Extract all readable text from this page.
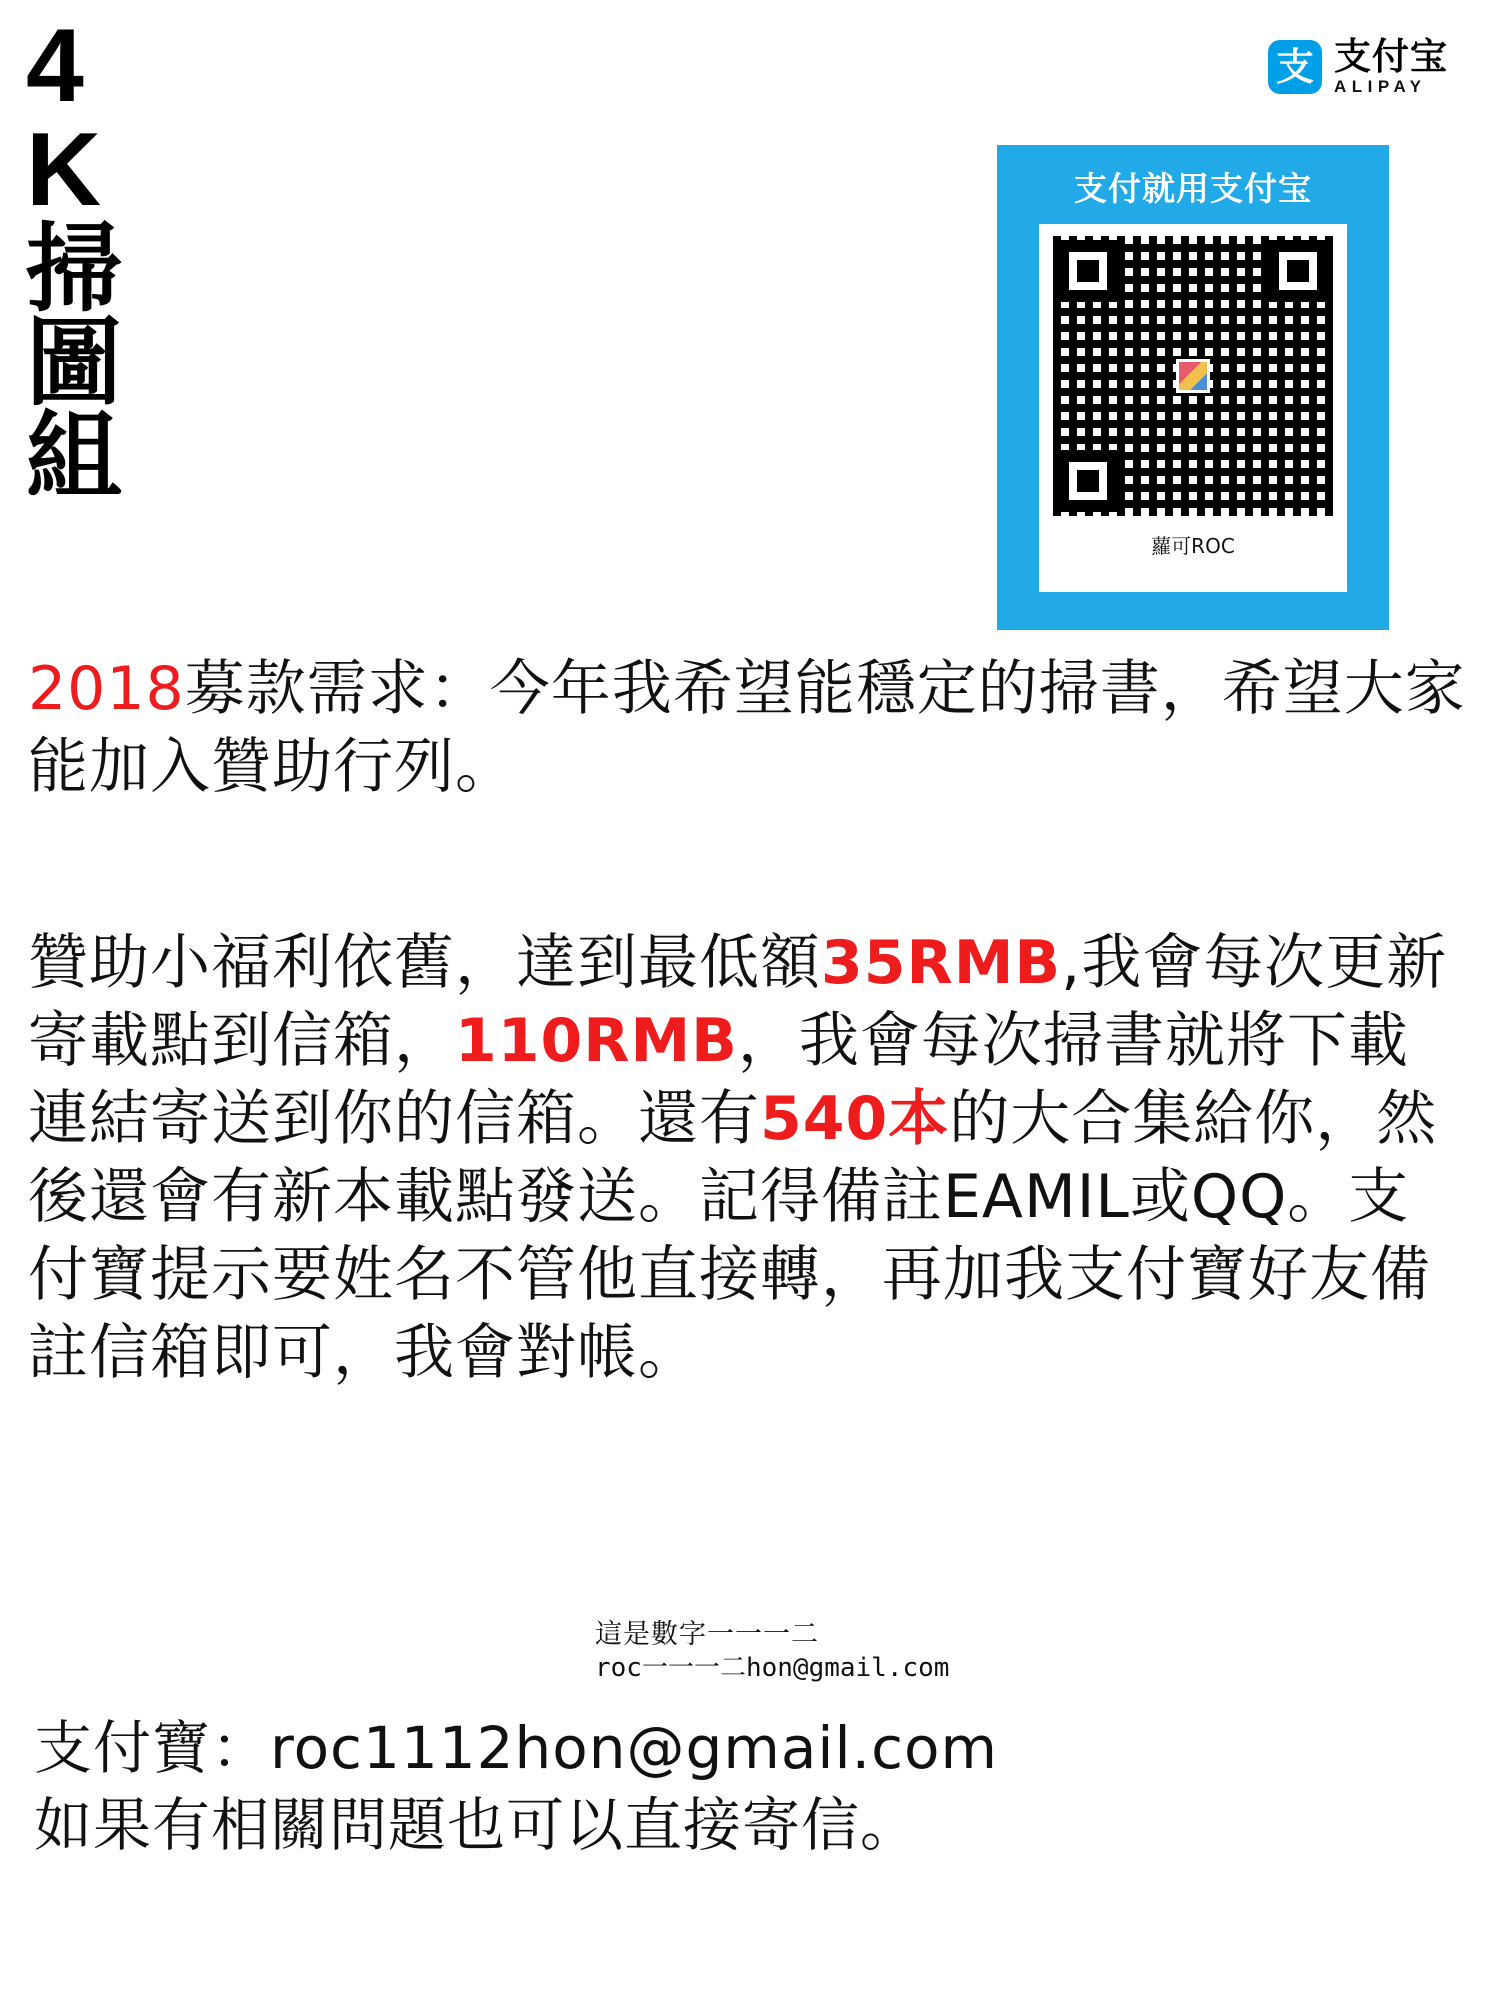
4
K
掃
圖
組
支 支付宝
ALIPAY
支付就用支付宝
蘿可ROC

2018募款需求：今年我希望能穩定的掃書，希望大家能加入贊助行列。

贊助小福利依舊，達到最低額35RMB,我會每次更新寄載點到信箱，110RMB，我會每次掃書就將下載連結寄送到你的信箱。還有540本的大合集給你，然後還會有新本載點發送。記得備註EAMIL或QQ。支付寶提示要姓名不管他直接轉，再加我支付寶好友備註信箱即可，我會對帳。

這是數字一一一二
roc一一一二hon@gmail.com

支付寶：roc1112hon@gmail.com

如果有相關問題也可以直接寄信。
